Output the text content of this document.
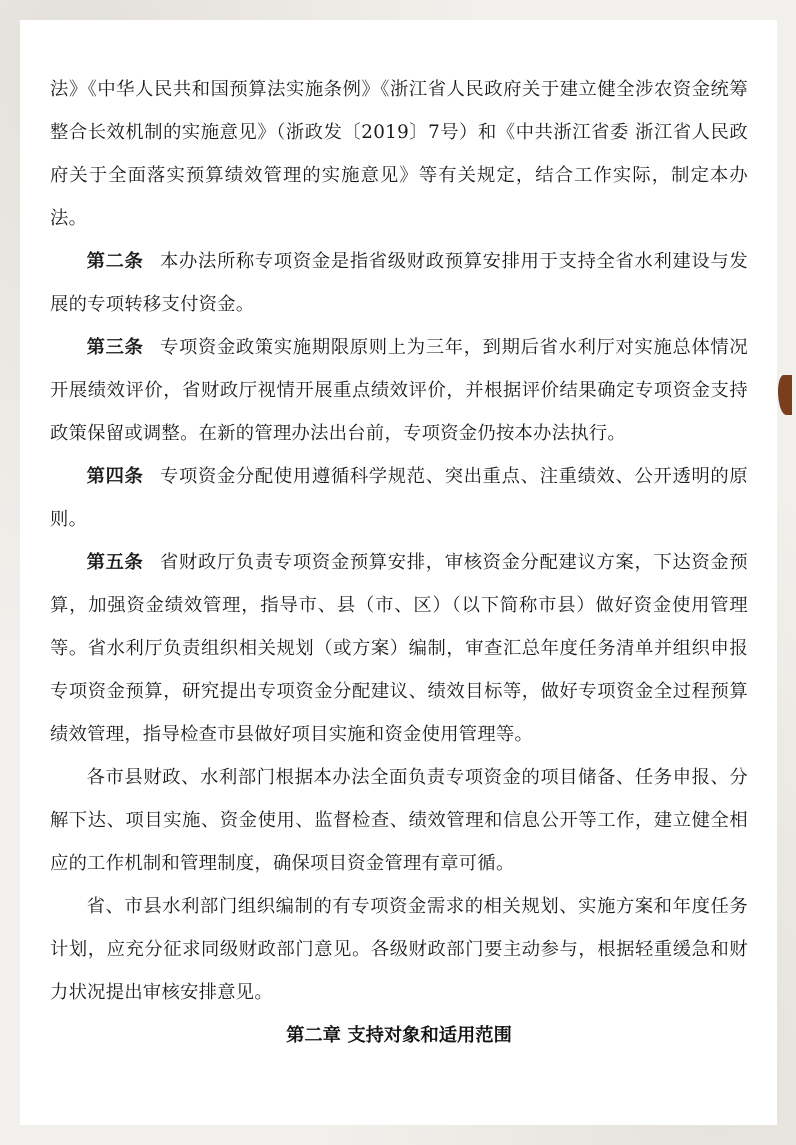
法》《中华人民共和国预算法实施条例》《浙江省人民政府关于建立健全涉农资金统筹整合长效机制的实施意见》（浙政发〔2019〕7号）和《中共浙江省委 浙江省人民政府关于全面落实预算绩效管理的实施意见》等有关规定，结合工作实际，制定本办法。

第二条 本办法所称专项资金是指省级财政预算安排用于支持全省水利建设与发展的专项转移支付资金。

第三条 专项资金政策实施期限原则上为三年，到期后省水利厅对实施总体情况开展绩效评价，省财政厅视情开展重点绩效评价，并根据评价结果确定专项资金支持政策保留或调整。在新的管理办法出台前，专项资金仍按本办法执行。

第四条 专项资金分配使用遵循科学规范、突出重点、注重绩效、公开透明的原则。

第五条 省财政厅负责专项资金预算安排，审核资金分配建议方案，下达资金预算，加强资金绩效管理，指导市、县（市、区）（以下简称市县）做好资金使用管理等。省水利厅负责组织相关规划（或方案）编制，审查汇总年度任务清单并组织申报专项资金预算，研究提出专项资金分配建议、绩效目标等，做好专项资金全过程预算绩效管理，指导检查市县做好项目实施和资金使用管理等。

各市县财政、水利部门根据本办法全面负责专项资金的项目储备、任务申报、分解下达、项目实施、资金使用、监督检查、绩效管理和信息公开等工作，建立健全相应的工作机制和管理制度，确保项目资金管理有章可循。

省、市县水利部门组织编制的有专项资金需求的相关规划、实施方案和年度任务计划，应充分征求同级财政部门意见。各级财政部门要主动参与，根据轻重缓急和财力状况提出审核安排意见。

第二章 支持对象和适用范围
